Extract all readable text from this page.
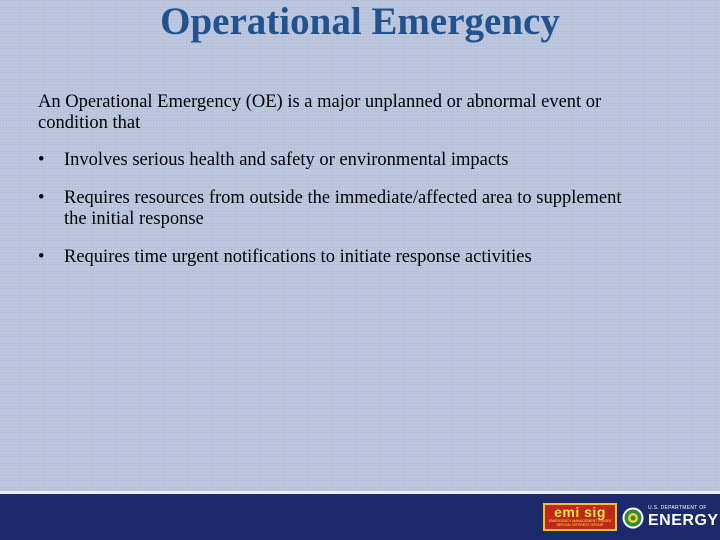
Operational Emergency

An Operational Emergency (OE) is a major unplanned or abnormal event or condition that

• Involves serious health and safety or environmental impacts
• Requires resources from outside the immediate/affected area to supplement the initial response
• Requires time urgent notifications to initiate response activities
emi sig
EMERGENCY MANAGEMENT ISSUES
SPECIAL INTEREST GROUP
U.S. DEPARTMENT OF
ENERGY
